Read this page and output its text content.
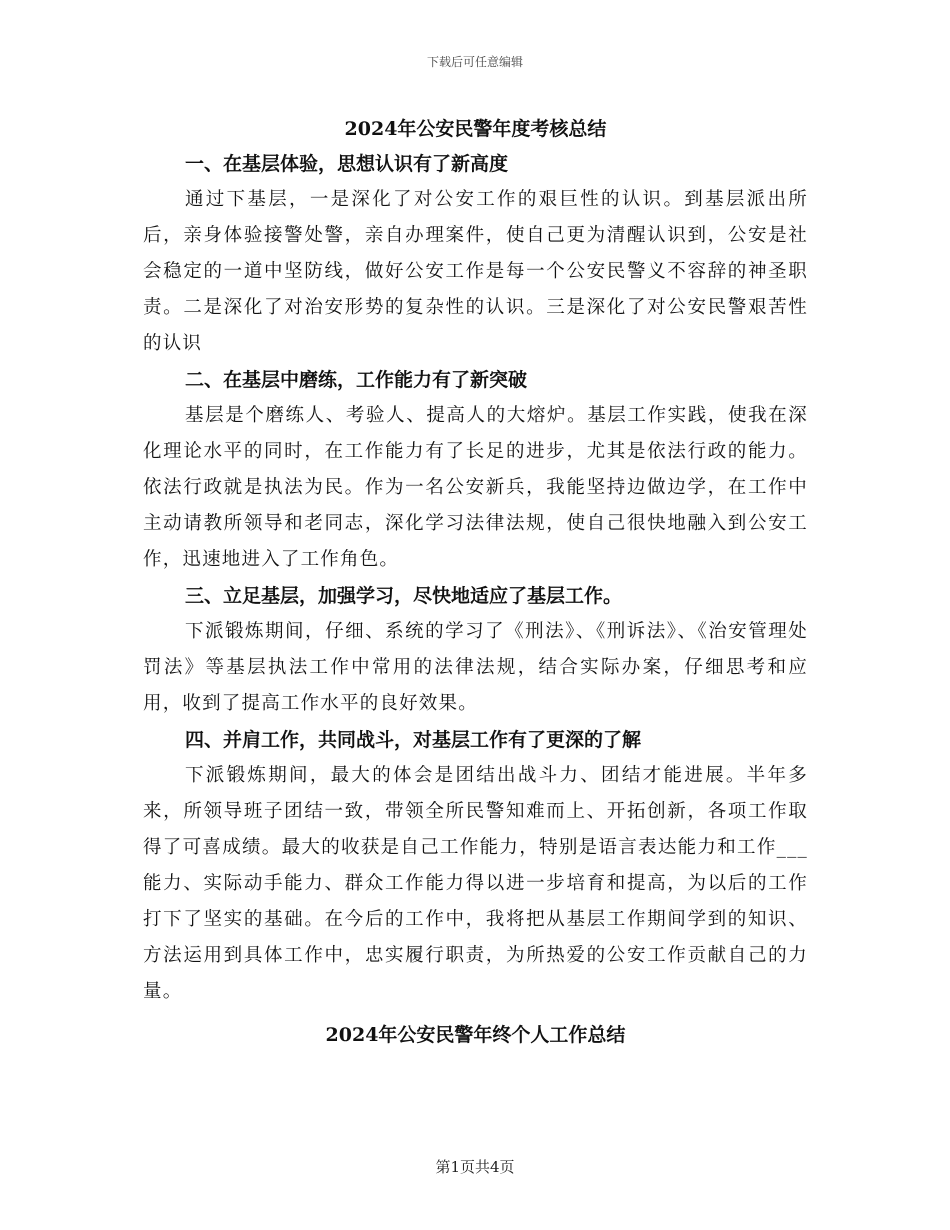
下载后可任意编辑
2024年公安民警年度考核总结
一、在基层体验，思想认识有了新高度

通过下基层，一是深化了对公安工作的艰巨性的认识。到基层派出所后，亲身体验接警处警，亲自办理案件，使自己更为清醒认识到，公安是社会稳定的一道中坚防线，做好公安工作是每一个公安民警义不容辞的神圣职责。二是深化了对治安形势的复杂性的认识。三是深化了对公安民警艰苦性的认识

二、在基层中磨练，工作能力有了新突破

基层是个磨练人、考验人、提高人的大熔炉。基层工作实践，使我在深化理论水平的同时，在工作能力有了长足的进步，尤其是依法行政的能力。依法行政就是执法为民。作为一名公安新兵，我能坚持边做边学，在工作中主动请教所领导和老同志，深化学习法律法规，使自己很快地融入到公安工作，迅速地进入了工作角色。

三、立足基层，加强学习，尽快地适应了基层工作。

下派锻炼期间，仔细、系统的学习了《刑法》、《刑诉法》、《治安管理处罚法》等基层执法工作中常用的法律法规，结合实际办案，仔细思考和应用，收到了提高工作水平的良好效果。

四、并肩工作，共同战斗，对基层工作有了更深的了解

下派锻炼期间，最大的体会是团结出战斗力、团结才能进展。半年多来，所领导班子团结一致，带领全所民警知难而上、开拓创新，各项工作取得了可喜成绩。最大的收获是自己工作能力，特别是语言表达能力和工作___能力、实际动手能力、群众工作能力得以进一步培育和提高，为以后的工作打下了坚实的基础。在今后的工作中，我将把从基层工作期间学到的知识、方法运用到具体工作中，忠实履行职责，为所热爱的公安工作贡献自己的力量。

2024年公安民警年终个人工作总结
第1页共4页
